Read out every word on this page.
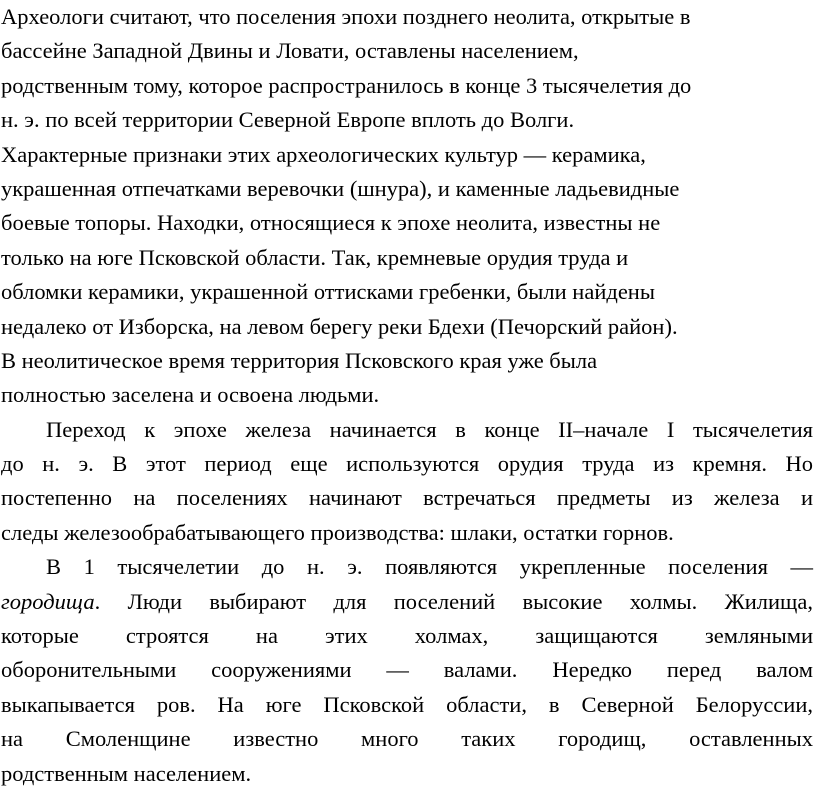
Археологи считают, что поселения эпохи позднего неолита, открытые в
бассейне Западной Двины и Ловати, оставлены населением,
родственным тому, которое распространилось в конце 3 тысячелетия до
н. э. по всей территории Северной Европе вплоть до Волги.
Характерные признаки этих археологических культур — керамика,
украшенная отпечатками веревочки (шнура), и каменные ладьевидные
боевые топоры. Находки, относящиеся к эпохе неолита, известны не
только на юге Псковской области. Так, кремневые орудия труда и
обломки керамики, украшенной оттисками гребенки, были найдены
недалеко от Изборска, на левом берегу реки Бдехи (Печорский район).
В неолитическое время территория Псковского края уже была
полностью заселена и освоена людьми.
Переход к эпохе железа начинается в конце II–начале I тысячелетия
до н. э. В этот период еще используются орудия труда из кремня. Но
постепенно на поселениях начинают встречаться предметы из железа и
следы железообрабатывающего производства: шлаки, остатки горнов.
В 1 тысячелетии до н. э. появляются укрепленные поселения —
городища. Люди выбирают для поселений высокие холмы. Жилища,
которые строятся на этих холмах, защищаются земляными
оборонительными сооружениями — валами. Нередко перед валом
выкапывается ров. На юге Псковской области, в Северной Белоруссии,
на Смоленщине известно много таких городищ, оставленных
родственным населением.
